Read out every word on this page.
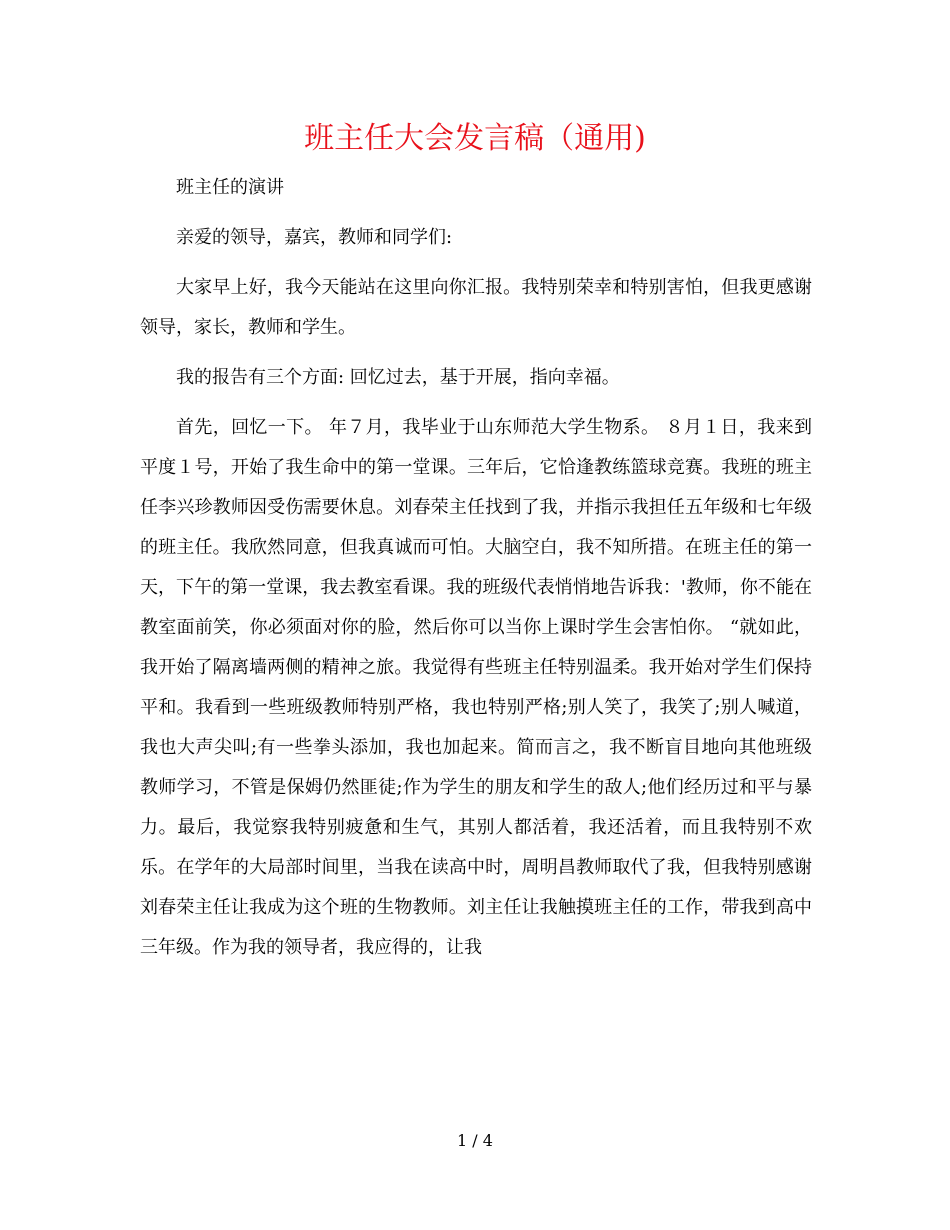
班主任大会发言稿（通用)

班主任的演讲

亲爱的领导，嘉宾，教师和同学们:

大家早上好，我今天能站在这里向你汇报。我特别荣幸和特别害怕，但我更感谢领导，家长，教师和学生。

我的报告有三个方面: 回忆过去，基于开展，指向幸福。

首先，回忆一下。 年７月，我毕业于山东师范大学生物系。 ８月１日，我来到平度１号，开始了我生命中的第一堂课。三年后，它恰逢教练篮球竞赛。我班的班主任李兴珍教师因受伤需要休息。刘春荣主任找到了我，并指示我担任五年级和七年级的班主任。我欣然同意，但我真诚而可怕。大脑空白，我不知所措。在班主任的第一天，下午的第一堂课，我去教室看课。我的班级代表悄悄地告诉我：'教师，你不能在教室面前笑，你必须面对你的脸，然后你可以当你上课时学生会害怕你。 “就如此，我开始了隔离墙两侧的精神之旅。我觉得有些班主任特别温柔。我开始对学生们保持平和。我看到一些班级教师特别严格，我也特别严格;别人笑了，我笑了;别人喊道，我也大声尖叫;有一些拳头添加，我也加起来。简而言之，我不断盲目地向其他班级教师学习，不管是保姆仍然匪徒;作为学生的朋友和学生的敌人;他们经历过和平与暴力。最后，我觉察我特别疲惫和生气，其别人都活着，我还活着，而且我特别不欢乐。在学年的大局部时间里，当我在读高中时，周明昌教师取代了我，但我特别感谢刘春荣主任让我成为这个班的生物教师。刘主任让我触摸班主任的工作，带我到高中三年级。作为我的领导者，我应得的，让我

1 / 4
